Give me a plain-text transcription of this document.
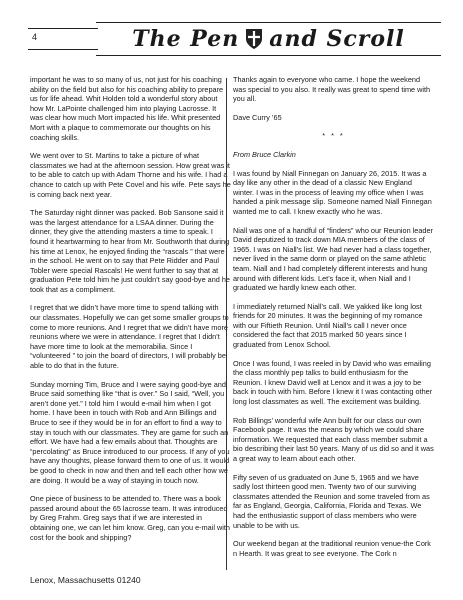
4	The Pen and Scroll

important he was to so many of us, not just for his coaching ability on the field but also for his coaching ability to prepare us for life ahead. Whit Holden told a wonderful story about how Mr. LaPointe challenged him into playing Lacrosse. It was clear how much Mort impacted his life. Whit presented Mort with a plaque to commemorate our thoughts on his coaching skills.

We went over to St. Martins to take a picture of what classmates we had at the afternoon session. How great was it to be able to catch up with Adam Thorne and his wife. I had a chance to catch up with Pete Covel and his wife. Pete says he is coming back next year.

The Saturday night dinner was packed. Bob Sansone said it was the largest attendance for a LSAA dinner. During the dinner, they give the attending masters a time to speak. I found it heartwarming to hear from Mr. Southworth that during his time at Lenox, he enjoyed finding the “rascals ” that were in the school. He went on to say that Pete Ridder and Paul Tobler were special Rascals! He went further to say that at graduation Pete told him he just couldn’t say good-bye and he took that as a compliment.

I regret that we didn’t have more time to spend talking with our classmates. Hopefully we can get some smaller groups to come to more reunions. And I regret that we didn’t have more reunions where we were in attendance. I regret that I didn’t have more time to look at the memorabilia. Since I “volunteered ” to join the board of directors, I will probably be able to do that in the future.

Sunday morning Tim, Bruce and I were saying good-bye and Bruce said something like “that is over.” So I said, “Well, you aren’t done yet.” I told him I would e-mail him when I got home. I have been in touch with Rob and Ann Billings and Bruce to see if they would be in for an effort to find a way to stay in touch with our classmates. They are game for such an effort. We have had a few emails about that. Thoughts are “percolating” as Bruce introduced to our process. If any of you have any thoughts, please forward them to one of us. It would be good to check in now and then and tell each other how we are doing. It would be a way of staying in touch now.

One piece of business to be attended to. There was a book passed around about the 65 lacrosse team. It was introduced by Greg Frahm. Greg says that if we are interested in obtaining one, we can let him know. Greg, can you e-mail with cost for the book and shipping?

Thanks again to everyone who came. I hope the weekend was special to you also. It really was great to spend time with you all.

Dave Curry ’65

* * *

From Bruce Clarkin

I was found by Niall Finnegan on January 26, 2015. It was a day like any other in the dead of a classic New England winter. I was in the process of leaving my office when I was handed a pink message slip. Someone named Niall Finnegan wanted me to call. I knew exactly who he was.

Niall was one of a handful of “finders” who our Reunion leader David deputized to track down MIA members of the class of 1965. I was on Niall’s list. We had never had a class together, never lived in the same dorm or played on the same athletic team. Niall and I had completely different interests and hung around with different kids. Let’s face it, when Niall and I graduated we hardly knew each other.

I immediately returned Niall’s call. We yakked like long lost friends for 20 minutes. It was the beginning of my romance with our Fiftieth Reunion. Until Niall’s call I never once considered the fact that 2015 marked 50 years since I graduated from Lenox School.

Once I was found, I was reeled in by David who was emailing the class monthly pep talks to build enthusiasm for the Reunion. I knew David well at Lenox and it was a joy to be back in touch with him. Before I knew it I was contacting other long lost classmates as well. The excitement was building.

Rob Billings’ wonderful wife Ann built for our class our own Facebook page. It was the means by which we could share information. We requested that each class member submit a bio describing their last 50 years. Many of us did so and it was a great way to learn about each other.

Fifty seven of us graduated on June 5, 1965 and we have sadly lost thirteen good men. Twenty two of our surviving classmates attended the Reunion and some traveled from as far as England, Georgia, California, Florida and Texas. We had the enthusiastic support of class members who were unable to be with us.

Our weekend began at the traditional reunion venue-the Cork n Hearth. It was great to see everyone. The Cork n

Lenox, Massachusetts 01240
